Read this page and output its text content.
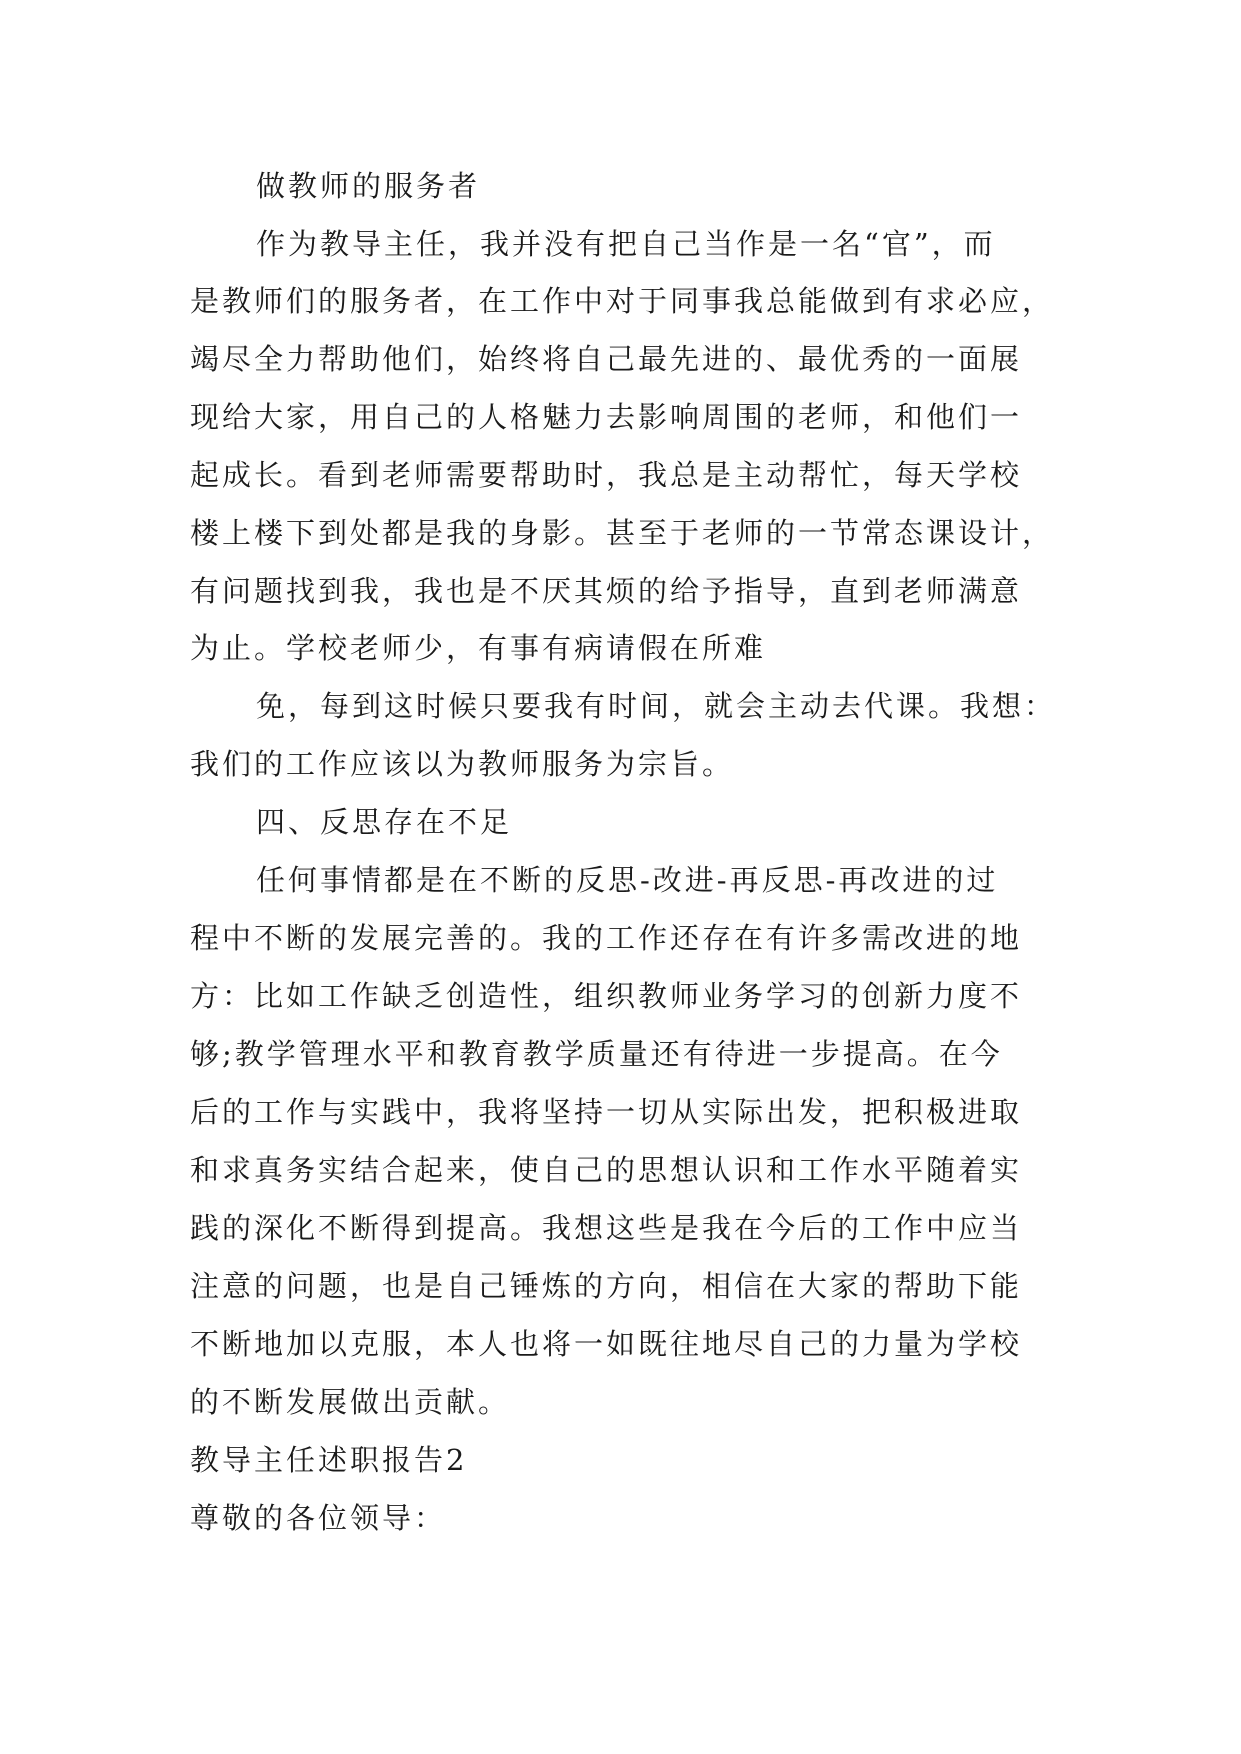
做教师的服务者
作为教导主任，我并没有把自己当作是一名“官”，而
是教师们的服务者，在工作中对于同事我总能做到有求必应，
竭尽全力帮助他们，始终将自己最先进的、最优秀的一面展
现给大家，用自己的人格魅力去影响周围的老师，和他们一
起成长。看到老师需要帮助时，我总是主动帮忙，每天学校
楼上楼下到处都是我的身影。甚至于老师的一节常态课设计，
有问题找到我，我也是不厌其烦的给予指导，直到老师满意
为止。学校老师少，有事有病请假在所难
免，每到这时候只要我有时间，就会主动去代课。我想：
我们的工作应该以为教师服务为宗旨。
四、反思存在不足
任何事情都是在不断的反思-改进-再反思-再改进的过
程中不断的发展完善的。我的工作还存在有许多需改进的地
方：比如工作缺乏创造性，组织教师业务学习的创新力度不
够;教学管理水平和教育教学质量还有待进一步提高。在今
后的工作与实践中，我将坚持一切从实际出发，把积极进取
和求真务实结合起来，使自己的思想认识和工作水平随着实
践的深化不断得到提高。我想这些是我在今后的工作中应当
注意的问题，也是自己锤炼的方向，相信在大家的帮助下能
不断地加以克服，本人也将一如既往地尽自己的力量为学校
的不断发展做出贡献。
教导主任述职报告2
尊敬的各位领导：
